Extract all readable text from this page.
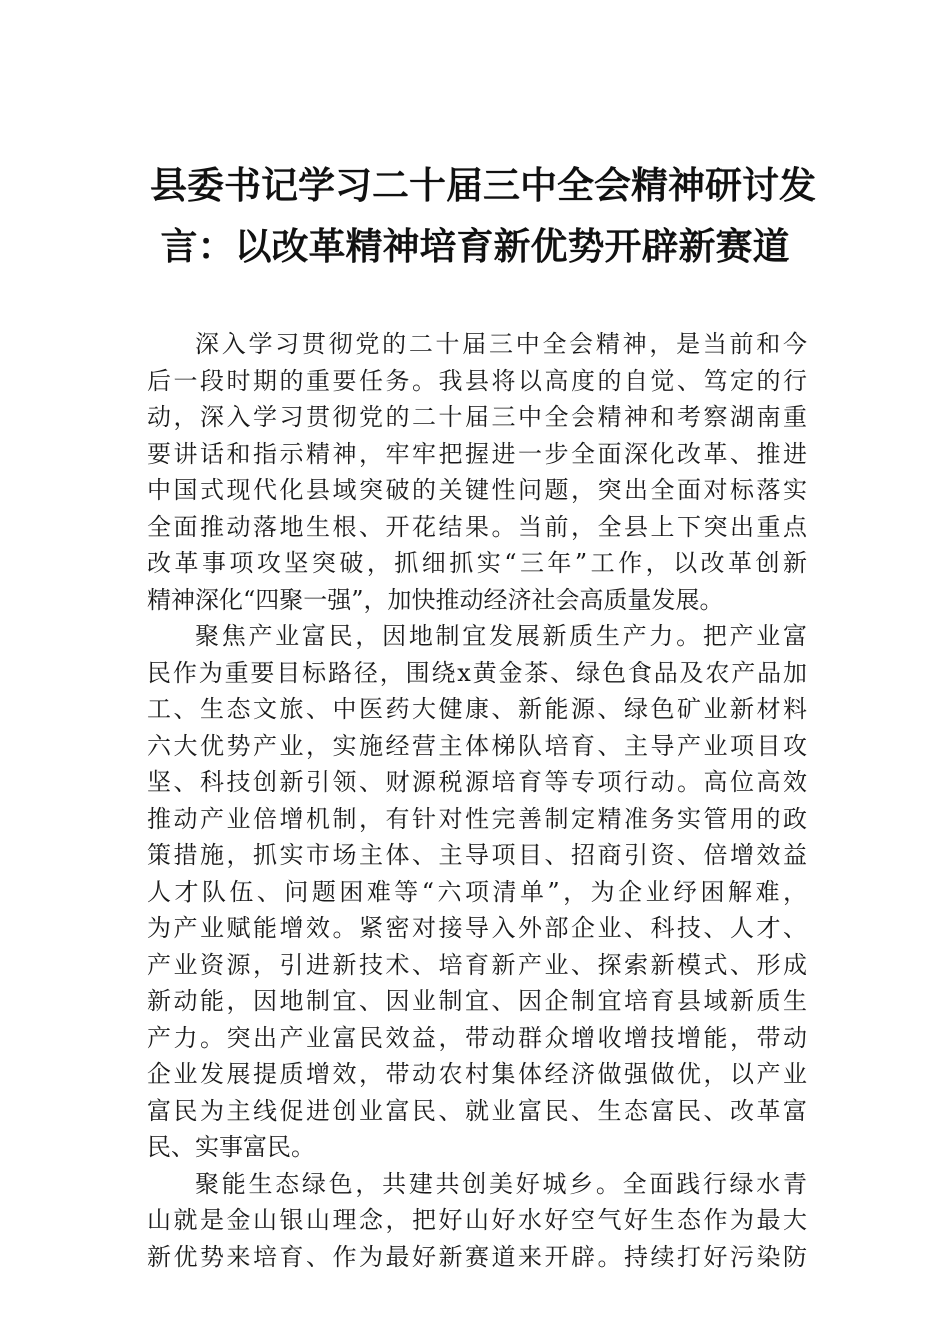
县委书记学习二十届三中全会精神研讨发
言：以改革精神培育新优势开辟新赛道
深入学习贯彻党的二十届三中全会精神，是当前和今
后一段时期的重要任务。我县将以高度的自觉、笃定的行
动，深入学习贯彻党的二十届三中全会精神和考察湖南重
要讲话和指示精神，牢牢把握进一步全面深化改革、推进
中国式现代化县域突破的关键性问题，突出全面对标落实
全面推动落地生根、开花结果。当前，全县上下突出重点
改革事项攻坚突破，抓细抓实“三年”工作，以改革创新
精神深化“四聚一强”，加快推动经济社会高质量发展。
聚焦产业富民，因地制宜发展新质生产力。把产业富
民作为重要目标路径，围绕x黄金茶、绿色食品及农产品加
工、生态文旅、中医药大健康、新能源、绿色矿业新材料
六大优势产业，实施经营主体梯队培育、主导产业项目攻
坚、科技创新引领、财源税源培育等专项行动。高位高效
推动产业倍增机制，有针对性完善制定精准务实管用的政
策措施，抓实市场主体、主导项目、招商引资、倍增效益
人才队伍、问题困难等“六项清单”，为企业纾困解难，
为产业赋能增效。紧密对接导入外部企业、科技、人才、
产业资源，引进新技术、培育新产业、探索新模式、形成
新动能，因地制宜、因业制宜、因企制宜培育县域新质生
产力。突出产业富民效益，带动群众增收增技增能，带动
企业发展提质增效，带动农村集体经济做强做优，以产业
富民为主线促进创业富民、就业富民、生态富民、改革富
民、实事富民。
聚能生态绿色，共建共创美好城乡。全面践行绿水青
山就是金山银山理念，把好山好水好空气好生态作为最大
新优势来培育、作为最好新赛道来开辟。持续打好污染防
